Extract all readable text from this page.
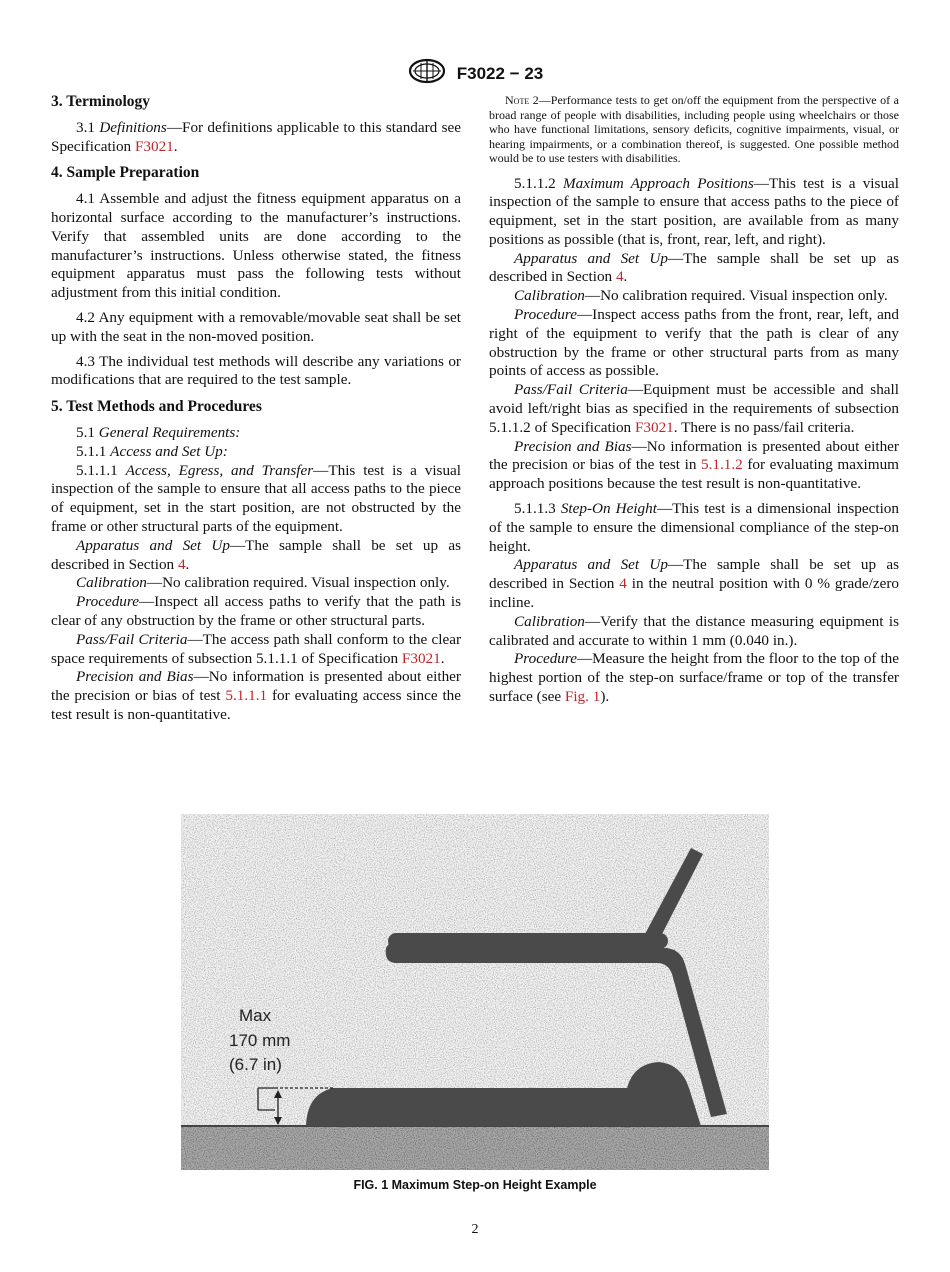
F3022 − 23
3. Terminology

3.1 Definitions—For definitions applicable to this standard see Specification F3021.

4. Sample Preparation

4.1 Assemble and adjust the fitness equipment apparatus on a horizontal surface according to the manufacturer’s instructions. Verify that assembled units are done according to the manufacturer’s instructions. Unless otherwise stated, the fitness equipment apparatus must pass the following tests without adjustment from this initial condition.

4.2 Any equipment with a removable/movable seat shall be set up with the seat in the non-moved position.

4.3 The individual test methods will describe any variations or modifications that are required to the test sample.

5. Test Methods and Procedures

5.1 General Requirements:

5.1.1 Access and Set Up:

5.1.1.1 Access, Egress, and Transfer—This test is a visual inspection of the sample to ensure that all access paths to the piece of equipment, set in the start position, are not obstructed by the frame or other structural parts of the equipment.

Apparatus and Set Up—The sample shall be set up as described in Section 4.

Calibration—No calibration required. Visual inspection only.

Procedure—Inspect all access paths to verify that the path is clear of any obstruction by the frame or other structural parts.

Pass/Fail Criteria—The access path shall conform to the clear space requirements of subsection 5.1.1.1 of Specification F3021.

Precision and Bias—No information is presented about either the precision or bias of test 5.1.1.1 for evaluating access since the test result is non-quantitative.

Note 2—Performance tests to get on/off the equipment from the perspective of a broad range of people with disabilities, including people using wheelchairs or those who have functional limitations, sensory deficits, cognitive impairments, visual, or hearing impairments, or a combination thereof, is suggested. One possible method would be to use testers with disabilities.

5.1.1.2 Maximum Approach Positions—This test is a visual inspection of the sample to ensure that access paths to the piece of equipment, set in the start position, are available from as many positions as possible (that is, front, rear, left, and right).

Apparatus and Set Up—The sample shall be set up as described in Section 4.

Calibration—No calibration required. Visual inspection only.

Procedure—Inspect access paths from the front, rear, left, and right of the equipment to verify that the path is clear of any obstruction by the frame or other structural parts from as many points of access as possible.

Pass/Fail Criteria—Equipment must be accessible and shall avoid left/right bias as specified in the requirements of subsection 5.1.1.2 of Specification F3021. There is no pass/fail criteria.

Precision and Bias—No information is presented about either the precision or bias of the test in 5.1.1.2 for evaluating maximum approach positions because the test result is non-quantitative.

5.1.1.3 Step-On Height—This test is a dimensional inspection of the sample to ensure the dimensional compliance of the step-on height.

Apparatus and Set Up—The sample shall be set up as described in Section 4 in the neutral position with 0 % grade/zero incline.

Calibration—Verify that the distance measuring equipment is calibrated and accurate to within 1 mm (0.040 in.).

Procedure—Measure the height from the floor to the top of the highest portion of the step-on surface/frame or top of the transfer surface (see Fig. 1).

Max
170 mm
(6.7 in)
FIG. 1 Maximum Step-on Height Example
2
